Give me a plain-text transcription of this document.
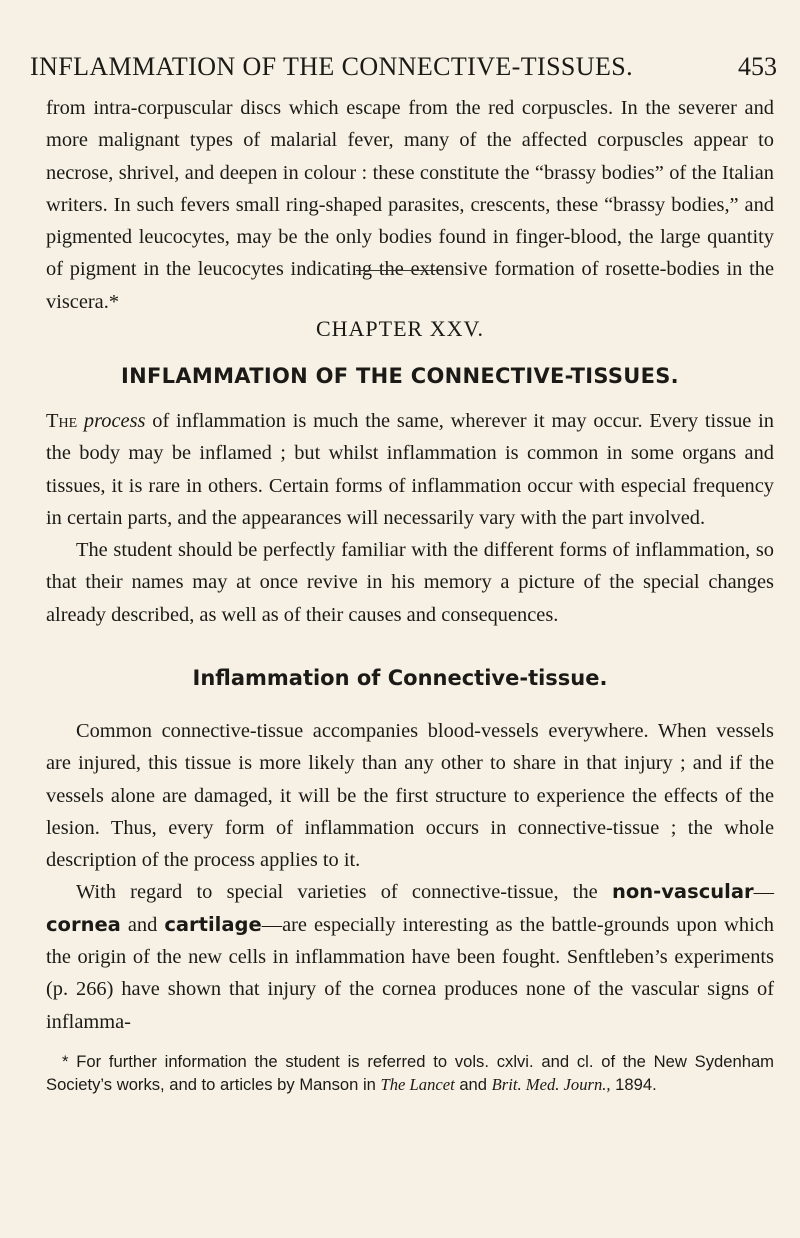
INFLAMMATION OF THE CONNECTIVE-TISSUES.	453

from intra-corpuscular discs which escape from the red corpuscles. In the severer and more malignant types of malarial fever, many of the affected corpuscles appear to necrose, shrivel, and deepen in colour : these constitute the “brassy bodies” of the Italian writers. In such fevers small ring-shaped parasites, crescents, these “brassy bodies,” and pigmented leucocytes, may be the only bodies found in finger-blood, the large quantity of pigment in the leucocytes indicating the extensive formation of rosette-bodies in the viscera.*

CHAPTER XXV.

INFLAMMATION OF THE CONNECTIVE-TISSUES.

The process of inflammation is much the same, wherever it may occur. Every tissue in the body may be inflamed ; but whilst inflammation is common in some organs and tissues, it is rare in others. Certain forms of inflammation occur with especial frequency in certain parts, and the appearances will necessarily vary with the part involved.

The student should be perfectly familiar with the different forms of inflammation, so that their names may at once revive in his memory a picture of the special changes already described, as well as of their causes and consequences.

Inflammation of Connective-tissue.

Common connective-tissue accompanies blood-vessels everywhere. When vessels are injured, this tissue is more likely than any other to share in that injury ; and if the vessels alone are damaged, it will be the first structure to experience the effects of the lesion. Thus, every form of inflammation occurs in connective-tissue ; the whole description of the process applies to it.

With regard to special varieties of connective-tissue, the non-vascular—cornea and cartilage—are especially interesting as the battle-grounds upon which the origin of the new cells in inflammation have been fought. Senftleben’s experiments (p. 266) have shown that injury of the cornea produces none of the vascular signs of inflamma-

* For further information the student is referred to vols. cxlvi. and cl. of the New Sydenham Society’s works, and to articles by Manson in The Lancet and Brit. Med. Journ., 1894.
